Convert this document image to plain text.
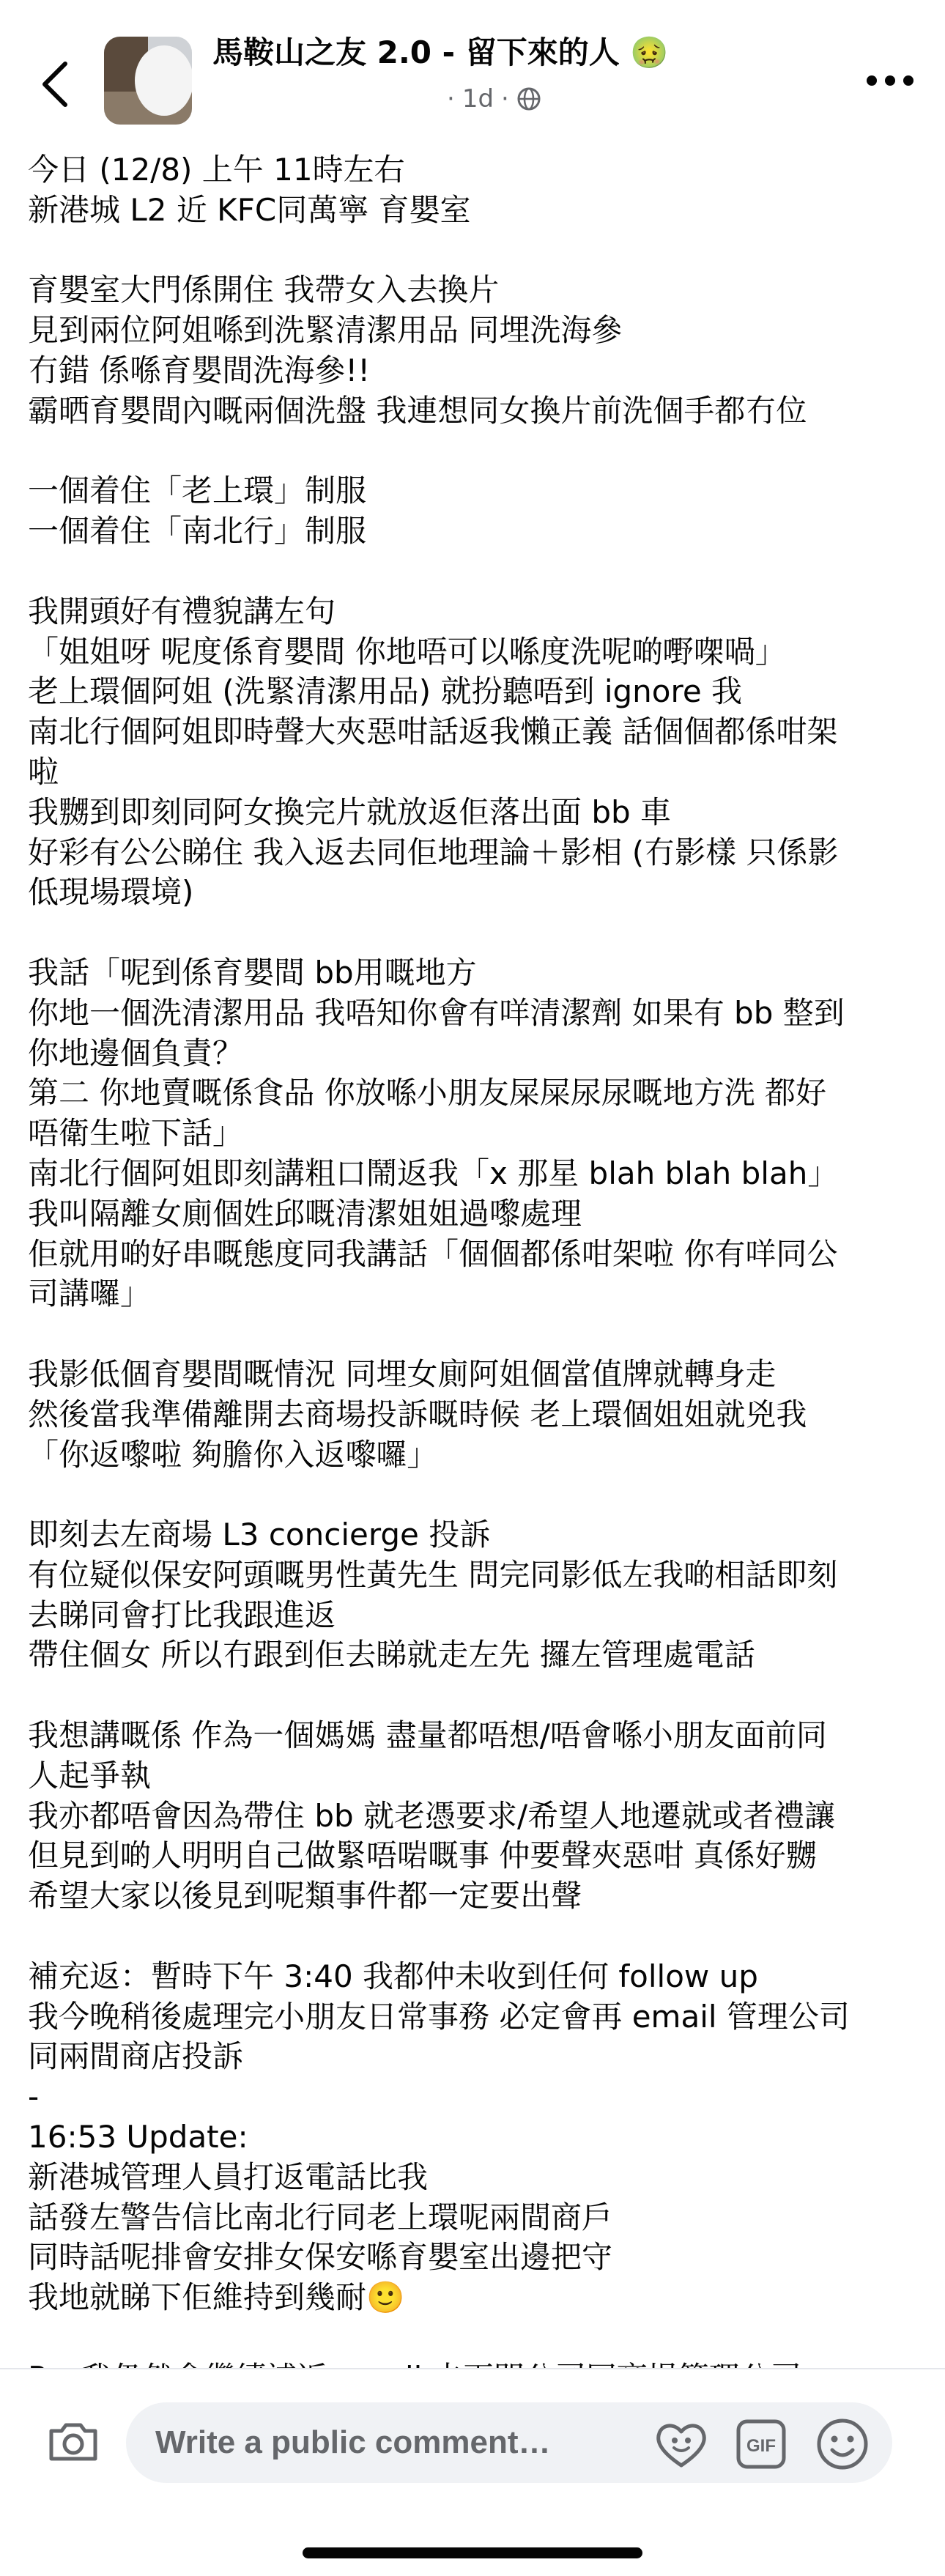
馬鞍山之友 2.0 - 留下來的人 🤢
· 1d ·
今日 (12/8) 上午 11時左右
新港城 L2 近 KFC同萬寧 育嬰室
育嬰室大門係開住 我帶女入去換片
見到兩位阿姐喺到洗緊清潔用品 同埋洗海參
冇錯 係喺育嬰間洗海參!!
霸晒育嬰間內嘅兩個洗盤 我連想同女換片前洗個手都冇位
一個着住「老上環」制服
一個着住「南北行」制服
我開頭好有禮貌講左句
「姐姐呀 呢度係育嬰間 你地唔可以喺度洗呢啲嘢㗎喎」
老上環個阿姐 (洗緊清潔用品) 就扮聽唔到 ignore 我
南北行個阿姐即時聲大夾惡咁話返我懶正義 話個個都係咁架
啦
我嬲到即刻同阿女換完片就放返佢落出面 bb 車
好彩有公公睇住 我入返去同佢地理論＋影相 (冇影樣 只係影
低現場環境)
我話「呢到係育嬰間 bb用嘅地方
你地一個洗清潔用品 我唔知你會有咩清潔劑 如果有 bb 整到
你地邊個負責？
第二 你地賣嘅係食品 你放喺小朋友屎屎尿尿嘅地方洗 都好
唔衛生啦下話」
南北行個阿姐即刻講粗口鬧返我「x 那星 blah blah blah」
我叫隔離女廁個姓邱嘅清潔姐姐過嚟處理
佢就用啲好串嘅態度同我講話「個個都係咁架啦 你有咩同公
司講囉」
我影低個育嬰間嘅情況 同埋女廁阿姐個當值牌就轉身走
然後當我準備離開去商場投訴嘅時候 老上環個姐姐就兇我
「你返嚟啦 夠膽你入返嚟囉」
即刻去左商場 L3 concierge 投訴
有位疑似保安阿頭嘅男性黃先生 問完同影低左我啲相話即刻
去睇同會打比我跟進返
帶住個女 所以冇跟到佢去睇就走左先 攞左管理處電話
我想講嘅係 作為一個媽媽 盡量都唔想/唔會喺小朋友面前同
人起爭執
我亦都唔會因為帶住 bb 就老憑要求/希望人地遷就或者禮讓
但見到啲人明明自己做緊唔啱嘅事 仲要聲夾惡咁 真係好嬲
希望大家以後見到呢類事件都一定要出聲
補充返：暫時下午 3:40 我都仲未收到任何 follow up
我今晚稍後處理完小朋友日常事務 必定會再 email 管理公司
同兩間商店投訴
-
16:53 Update:
新港城管理人員打返電話比我
話發左警告信比南北行同老上環呢兩間商戶
同時話呢排會安排女保安喺育嬰室出邊把守
我地就睇下佢維持到幾耐🙂
Write a public comment…
GIF
